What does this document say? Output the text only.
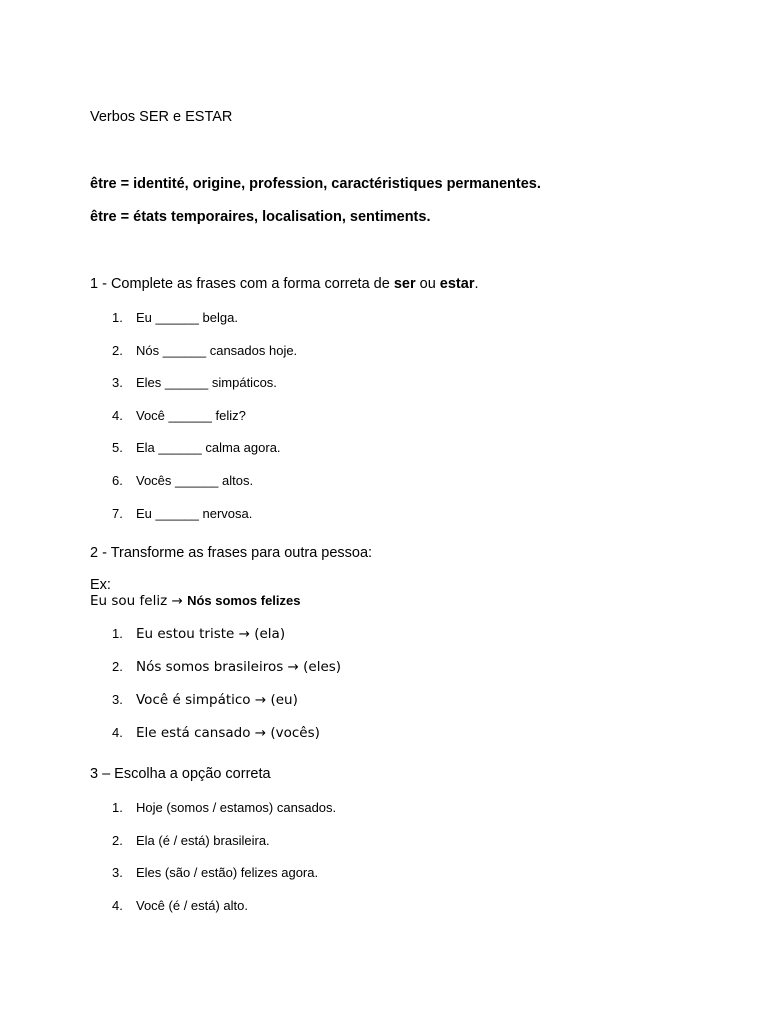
Verbos SER e ESTAR

être = identité, origine, profession, caractéristiques permanentes.

être = états temporaires, localisation, sentiments.

1 - Complete as frases com a forma correta de ser ou estar.

1. Eu ______ belga.
2. Nós ______ cansados hoje.
3. Eles ______ simpáticos.
4. Você ______ feliz?
5. Ela ______ calma agora.
6. Vocês ______ altos.
7. Eu ______ nervosa.

2 - Transforme as frases para outra pessoa:

Ex:

Eu sou feliz → Nós somos felizes

1. Eu estou triste → (ela)
2. Nós somos brasileiros → (eles)
3. Você é simpático → (eu)
4. Ele está cansado → (vocês)

3 – Escolha a opção correta

1. Hoje (somos / estamos) cansados.
2. Ela (é / está) brasileira.
3. Eles (são / estão) felizes agora.
4. Você (é / está) alto.
